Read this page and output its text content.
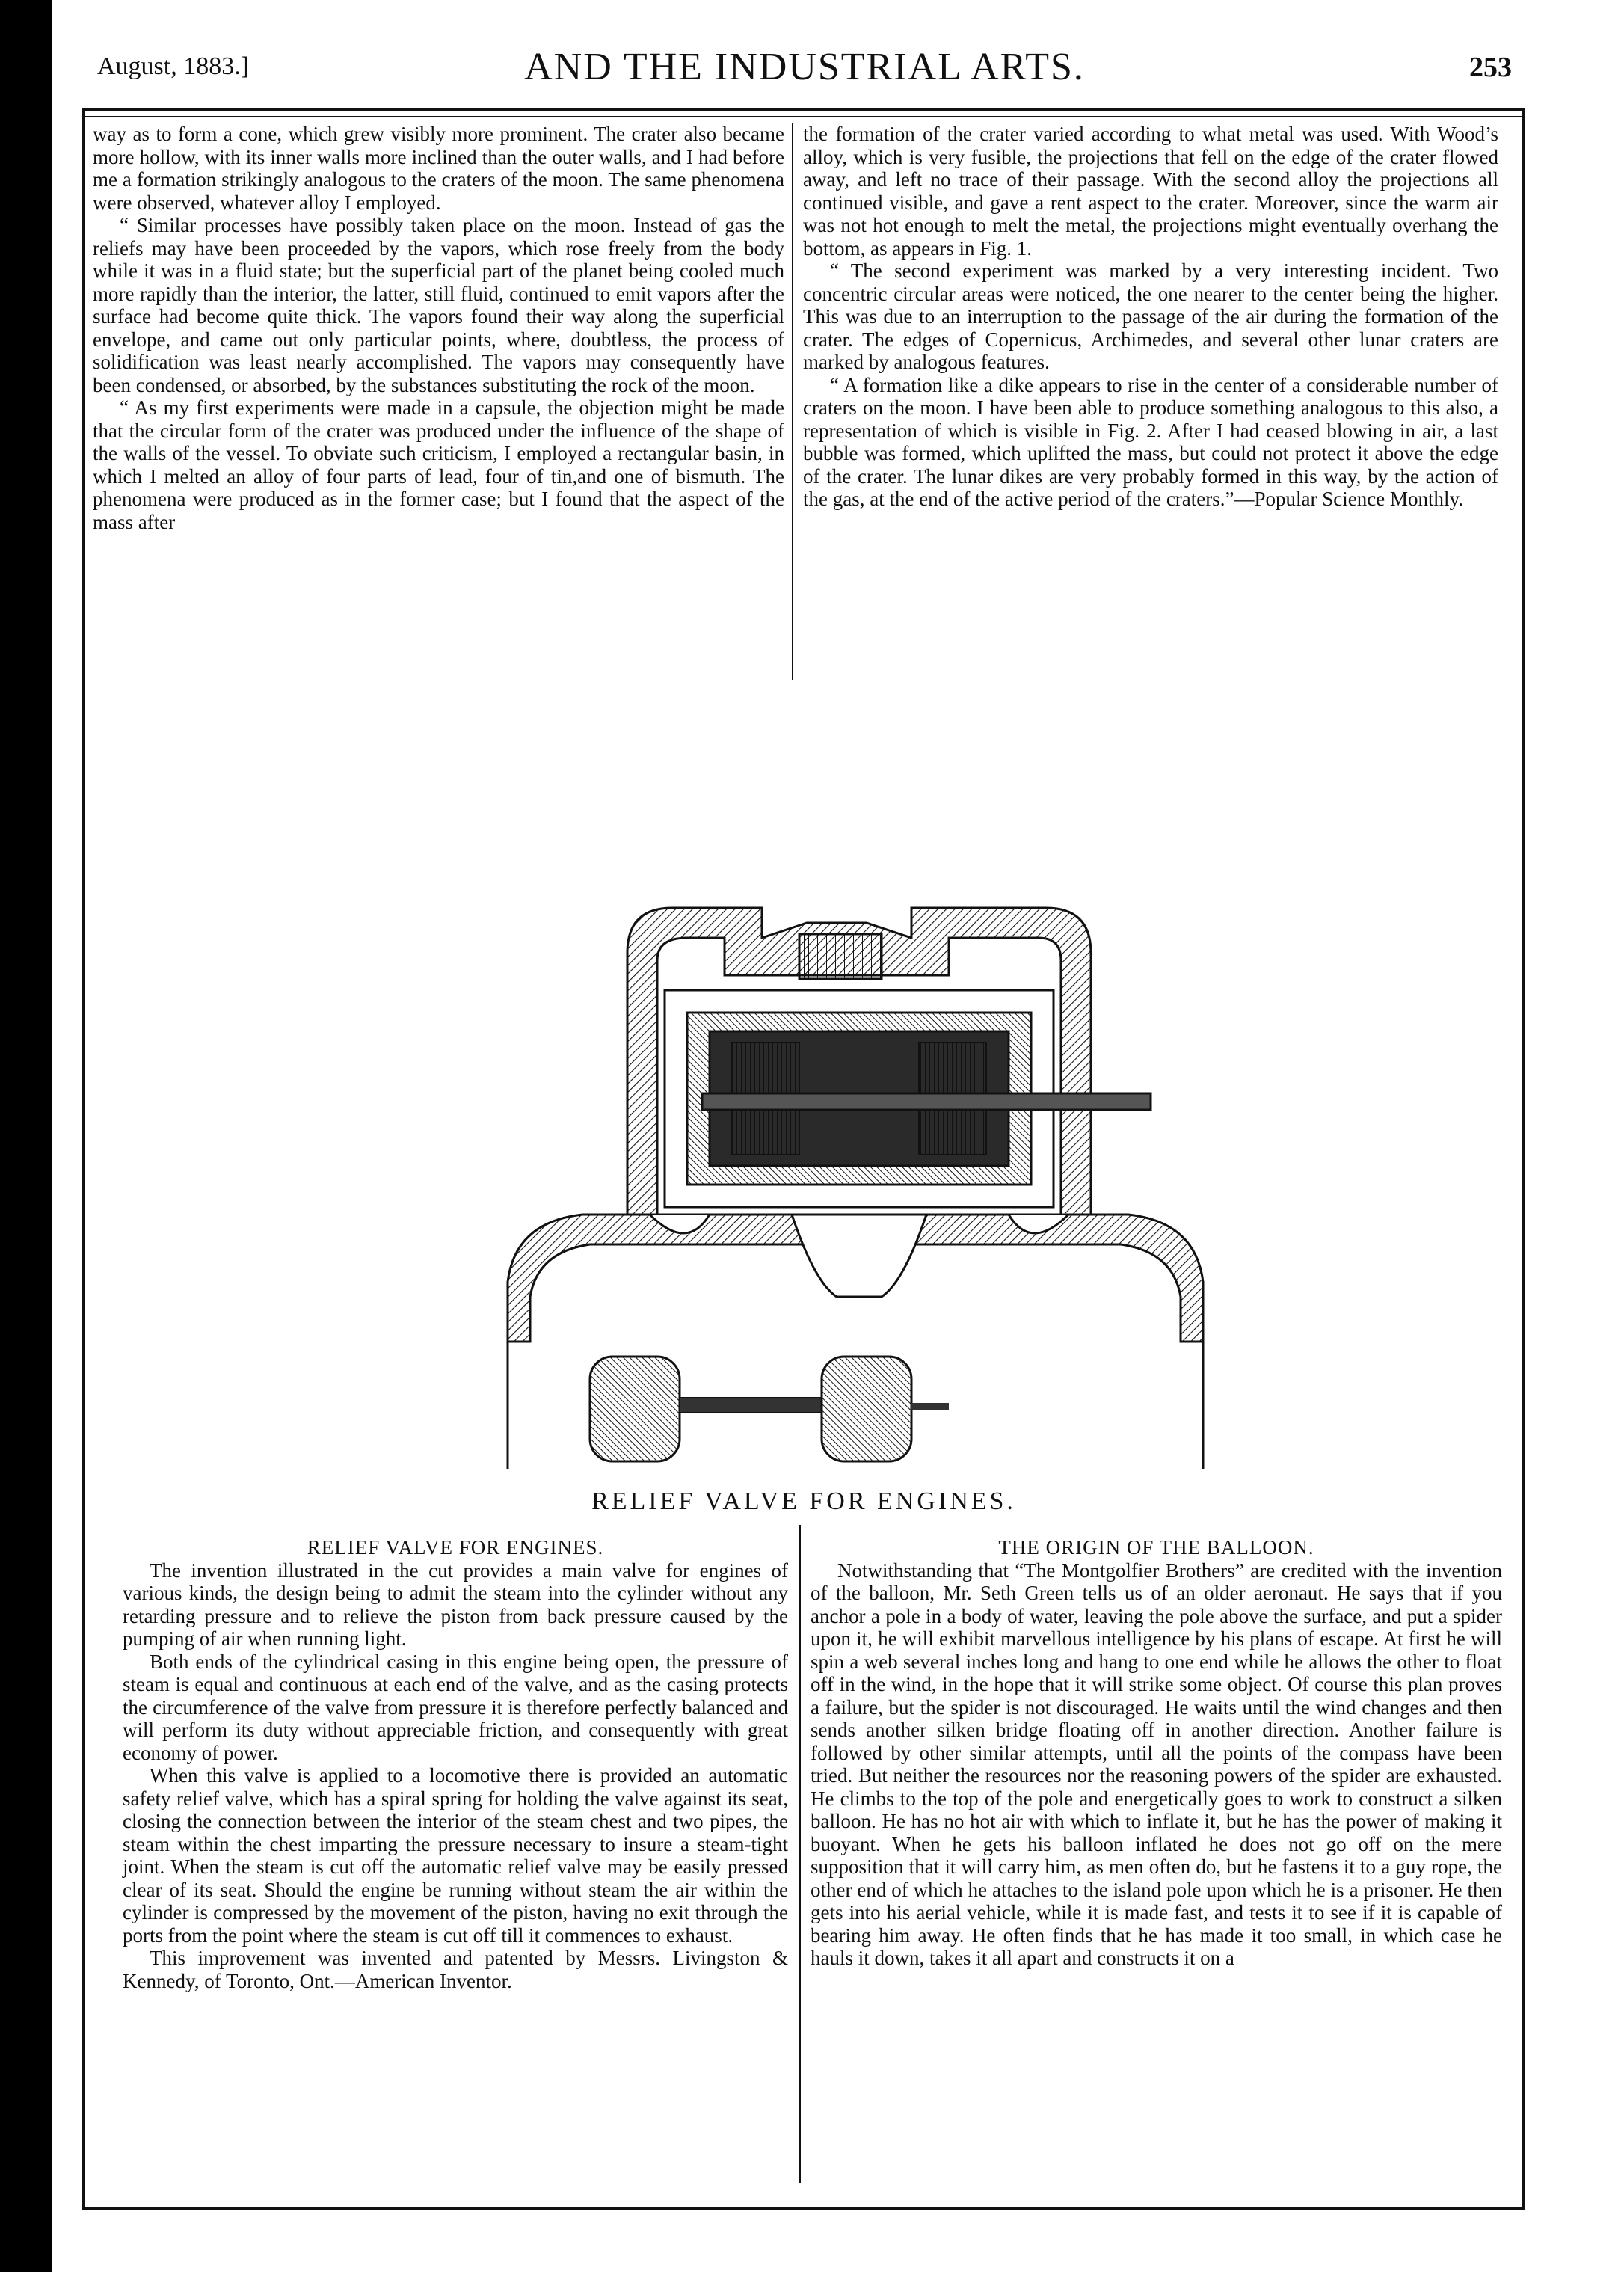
August, 1883.]	AND THE INDUSTRIAL ARTS.	253

way as to form a cone, which grew visibly more prominent. The crater also became more hollow, with its inner walls more inclined than the outer walls, and I had before me a formation strikingly analogous to the craters of the moon. The same phenomena were observed, whatever alloy I employed.

“ Similar processes have possibly taken place on the moon. Instead of gas the reliefs may have been proceeded by the vapors, which rose freely from the body while it was in a fluid state; but the superficial part of the planet being cooled much more rapidly than the interior, the latter, still fluid, continued to emit vapors after the surface had become quite thick. The vapors found their way along the superficial envelope, and came out only particular points, where, doubtless, the process of solidification was least nearly accomplished. The vapors may consequently have been condensed, or absorbed, by the substances substituting the rock of the moon.

“ As my first experiments were made in a capsule, the objection might be made that the circular form of the crater was produced under the influence of the shape of the walls of the vessel. To obviate such criticism, I employed a rectangular basin, in which I melted an alloy of four parts of lead, four of tin,and one of bismuth. The phenomena were produced as in the former case; but I found that the aspect of the mass after

the formation of the crater varied according to what metal was used. With Wood’s alloy, which is very fusible, the projections that fell on the edge of the crater flowed away, and left no trace of their passage. With the second alloy the projections all continued visible, and gave a rent aspect to the crater. Moreover, since the warm air was not hot enough to melt the metal, the projections might eventually overhang the bottom, as appears in Fig. 1.

“ The second experiment was marked by a very interesting incident. Two concentric circular areas were noticed, the one nearer to the center being the higher. This was due to an interruption to the passage of the air during the formation of the crater. The edges of Copernicus, Archimedes, and several other lunar craters are marked by analogous features.

“ A formation like a dike appears to rise in the center of a considerable number of craters on the moon. I have been able to produce something analogous to this also, a representation of which is visible in Fig. 2. After I had ceased blowing in air, a last bubble was formed, which uplifted the mass, but could not protect it above the edge of the crater. The lunar dikes are very probably formed in this way, by the action of the gas, at the end of the active period of the craters.”—Popular Science Monthly.

RELIEF VALVE FOR ENGINES.

RELIEF VALVE FOR ENGINES.

The invention illustrated in the cut provides a main valve for engines of various kinds, the design being to admit the steam into the cylinder without any retarding pressure and to relieve the piston from back pressure caused by the pumping of air when running light.

Both ends of the cylindrical casing in this engine being open, the pressure of steam is equal and continuous at each end of the valve, and as the casing protects the circumference of the valve from pressure it is therefore perfectly balanced and will perform its duty without appreciable friction, and consequently with great economy of power.

When this valve is applied to a locomotive there is provided an automatic safety relief valve, which has a spiral spring for holding the valve against its seat, closing the connection between the interior of the steam chest and two pipes, the steam within the chest imparting the pressure necessary to insure a steam-tight joint. When the steam is cut off the automatic relief valve may be easily pressed clear of its seat. Should the engine be running without steam the air within the cylinder is compressed by the movement of the piston, having no exit through the ports from the point where the steam is cut off till it commences to exhaust.

This improvement was invented and patented by Messrs. Livingston & Kennedy, of Toronto, Ont.—American Inventor.

THE ORIGIN OF THE BALLOON.

Notwithstanding that “The Montgolfier Brothers” are credited with the invention of the balloon, Mr. Seth Green tells us of an older aeronaut. He says that if you anchor a pole in a body of water, leaving the pole above the surface, and put a spider upon it, he will exhibit marvellous intelligence by his plans of escape. At first he will spin a web several inches long and hang to one end while he allows the other to float off in the wind, in the hope that it will strike some object. Of course this plan proves a failure, but the spider is not discouraged. He waits until the wind changes and then sends another silken bridge floating off in another direction. Another failure is followed by other similar attempts, until all the points of the compass have been tried. But neither the resources nor the reasoning powers of the spider are exhausted. He climbs to the top of the pole and energetically goes to work to construct a silken balloon. He has no hot air with which to inflate it, but he has the power of making it buoyant. When he gets his balloon inflated he does not go off on the mere supposition that it will carry him, as men often do, but he fastens it to a guy rope, the other end of which he attaches to the island pole upon which he is a prisoner. He then gets into his aerial vehicle, while it is made fast, and tests it to see if it is capable of bearing him away. He often finds that he has made it too small, in which case he hauls it down, takes it all apart and constructs it on a
